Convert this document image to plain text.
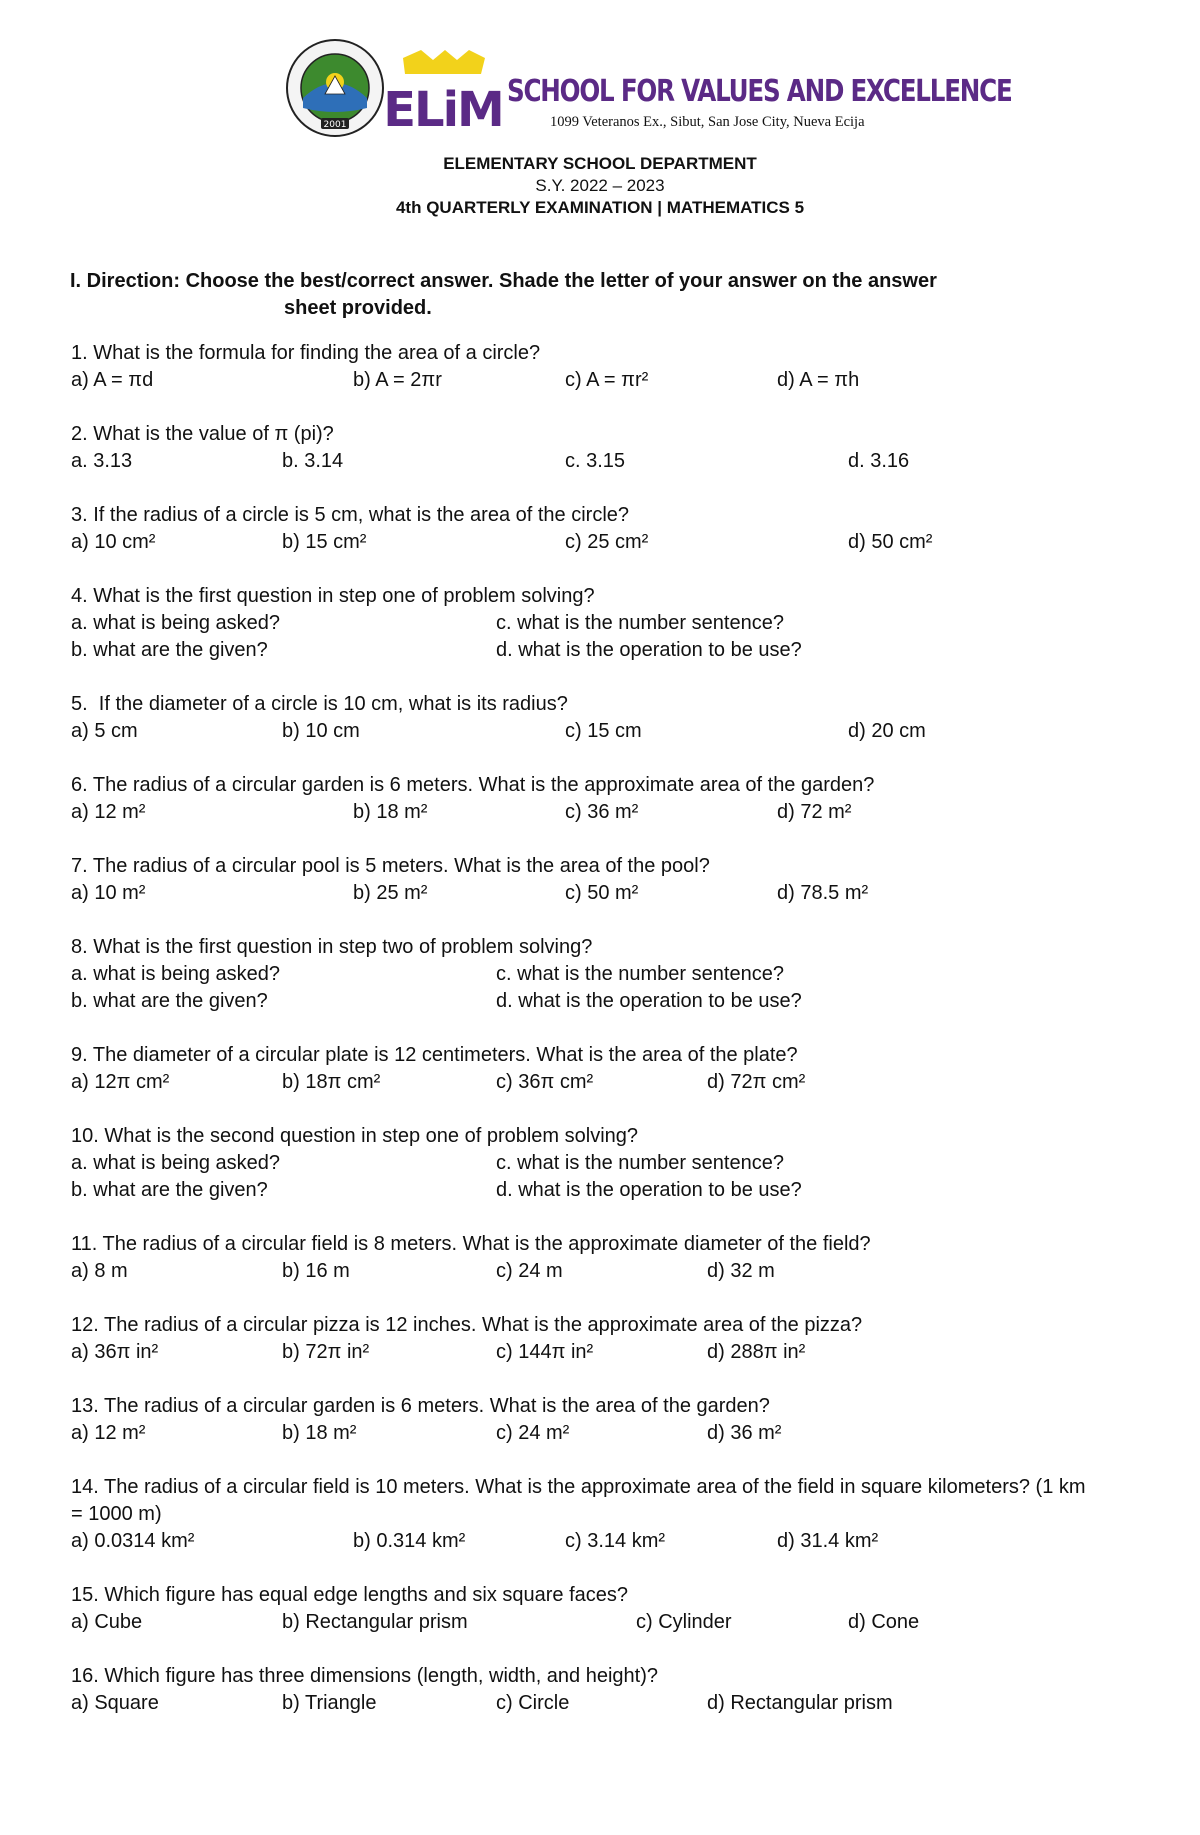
2001 ELiM SCHOOL FOR VALUES AND EXCELLENCE
1099 Veteranos Ex., Sibut, San Jose City, Nueva Ecija
ELEMENTARY SCHOOL DEPARTMENT
S.Y. 2022 – 2023
4th QUARTERLY EXAMINATION | MATHEMATICS 5
I. Direction: Choose the best/correct answer. Shade the letter of your answer on the answer
sheet provided.
1. What is the formula for finding the area of a circle?
a) A = πd	b) A = 2πr	c) A = πr²	d) A = πh
2. What is the value of π (pi)?
a. 3.13	b. 3.14	c. 3.15	d. 3.16
3. If the radius of a circle is 5 cm, what is the area of the circle?
a) 10 cm²	b) 15 cm²	c) 25 cm²	d) 50 cm²
4. What is the first question in step one of problem solving?
a. what is being asked?	c. what is the number sentence?
b. what are the given?	d. what is the operation to be use?
5.  If the diameter of a circle is 10 cm, what is its radius?
a) 5 cm	b) 10 cm	c) 15 cm	d) 20 cm
6. The radius of a circular garden is 6 meters. What is the approximate area of the garden?
a) 12 m²	b) 18 m²	c) 36 m²	d) 72 m²
7. The radius of a circular pool is 5 meters. What is the area of the pool?
a) 10 m²	b) 25 m²	c) 50 m²	d) 78.5 m²
8. What is the first question in step two of problem solving?
a. what is being asked?	c. what is the number sentence?
b. what are the given?	d. what is the operation to be use?
9. The diameter of a circular plate is 12 centimeters. What is the area of the plate?
a) 12π cm²	b) 18π cm²	c) 36π cm²	d) 72π cm²
10. What is the second question in step one of problem solving?
a. what is being asked?	c. what is the number sentence?
b. what are the given?	d. what is the operation to be use?
11. The radius of a circular field is 8 meters. What is the approximate diameter of the field?
a) 8 m	b) 16 m	c) 24 m	d) 32 m
12. The radius of a circular pizza is 12 inches. What is the approximate area of the pizza?
a) 36π in²	b) 72π in²	c) 144π in²	d) 288π in²
13. The radius of a circular garden is 6 meters. What is the area of the garden?
a) 12 m²	b) 18 m²	c) 24 m²	d) 36 m²
14. The radius of a circular field is 10 meters. What is the approximate area of the field in square kilometers? (1 km = 1000 m)
a) 0.0314 km²	b) 0.314 km²	c) 3.14 km²	d) 31.4 km²
15. Which figure has equal edge lengths and six square faces?
a) Cube	b) Rectangular prism	c) Cylinder	d) Cone
16. Which figure has three dimensions (length, width, and height)?
a) Square	b) Triangle	c) Circle	d) Rectangular prism
